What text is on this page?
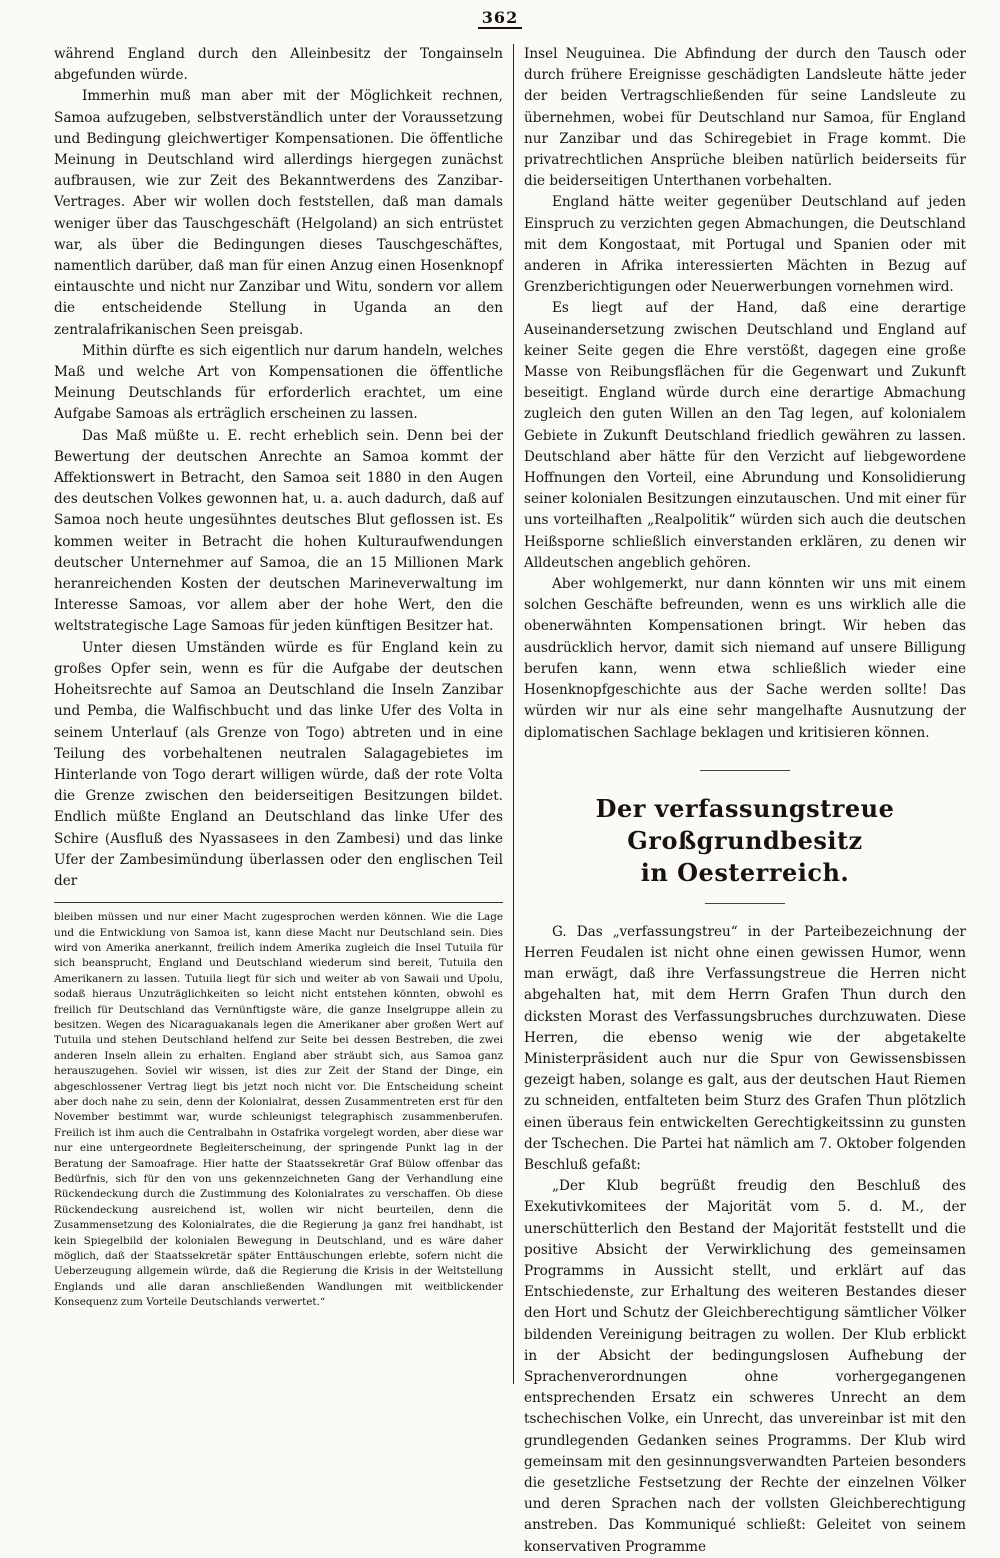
362

während England durch den Alleinbesitz der Tongainseln abgefunden würde.

Immerhin muß man aber mit der Möglichkeit rechnen, Samoa aufzugeben, selbstverständlich unter der Voraussetzung und Bedingung gleichwertiger Kompensationen. Die öffentliche Meinung in Deutschland wird allerdings hiergegen zunächst aufbrausen, wie zur Zeit des Bekanntwerdens des Zanzibar-Vertrages. Aber wir wollen doch feststellen, daß man damals weniger über das Tauschgeschäft (Helgoland) an sich entrüstet war, als über die Bedingungen dieses Tauschgeschäftes, namentlich darüber, daß man für einen Anzug einen Hosenknopf eintauschte und nicht nur Zanzibar und Witu, sondern vor allem die entscheidende Stellung in Uganda an den zentralafrikanischen Seen preisgab.

Mithin dürfte es sich eigentlich nur darum handeln, welches Maß und welche Art von Kompensationen die öffentliche Meinung Deutschlands für erforderlich erachtet, um eine Aufgabe Samoas als erträglich erscheinen zu lassen.

Das Maß müßte u. E. recht erheblich sein. Denn bei der Bewertung der deutschen Anrechte an Samoa kommt der Affektionswert in Betracht, den Samoa seit 1880 in den Augen des deutschen Volkes gewonnen hat, u. a. auch dadurch, daß auf Samoa noch heute ungesühntes deutsches Blut geflossen ist. Es kommen weiter in Betracht die hohen Kulturaufwendungen deutscher Unternehmer auf Samoa, die an 15 Millionen Mark heranreichenden Kosten der deutschen Marineverwaltung im Interesse Samoas, vor allem aber der hohe Wert, den die weltstrategische Lage Samoas für jeden künftigen Besitzer hat.

Unter diesen Umständen würde es für England kein zu großes Opfer sein, wenn es für die Aufgabe der deutschen Hoheitsrechte auf Samoa an Deutschland die Inseln Zanzibar und Pemba, die Walfischbucht und das linke Ufer des Volta in seinem Unterlauf (als Grenze von Togo) abtreten und in eine Teilung des vorbehaltenen neutralen Salagagebietes im Hinterlande von Togo derart willigen würde, daß der rote Volta die Grenze zwischen den beiderseitigen Besitzungen bildet. Endlich müßte England an Deutschland das linke Ufer des Schire (Ausfluß des Nyassasees in den Zambesi) und das linke Ufer der Zambesimündung überlassen oder den englischen Teil der

bleiben müssen und nur einer Macht zugesprochen werden können. Wie die Lage und die Entwicklung von Samoa ist, kann diese Macht nur Deutschland sein. Dies wird von Amerika anerkannt, freilich indem Amerika zugleich die Insel Tutuila für sich beansprucht, England und Deutschland wiederum sind bereit, Tutuila den Amerikanern zu lassen. Tutuila liegt für sich und weiter ab von Sawaii und Upolu, sodaß hieraus Unzuträglichkeiten so leicht nicht entstehen könnten, obwohl es freilich für Deutschland das Vernünftigste wäre, die ganze Inselgruppe allein zu besitzen. Wegen des Nicaraguakanals legen die Amerikaner aber großen Wert auf Tutuila und stehen Deutschland helfend zur Seite bei dessen Bestreben, die zwei anderen Inseln allein zu erhalten. England aber sträubt sich, aus Samoa ganz herauszugehen. Soviel wir wissen, ist dies zur Zeit der Stand der Dinge, ein abgeschlossener Vertrag liegt bis jetzt noch nicht vor. Die Entscheidung scheint aber doch nahe zu sein, denn der Kolonialrat, dessen Zusammentreten erst für den November bestimmt war, wurde schleunigst telegraphisch zusammenberufen. Freilich ist ihm auch die Centralbahn in Ostafrika vorgelegt worden, aber diese war nur eine untergeordnete Begleiterscheinung, der springende Punkt lag in der Beratung der Samoafrage. Hier hatte der Staatssekretär Graf Bülow offenbar das Bedürfnis, sich für den von uns gekennzeichneten Gang der Verhandlung eine Rückendeckung durch die Zustimmung des Kolonialrates zu verschaffen. Ob diese Rückendeckung ausreichend ist, wollen wir nicht beurteilen, denn die Zusammensetzung des Kolonialrates, die die Regierung ja ganz frei handhabt, ist kein Spiegelbild der kolonialen Bewegung in Deutschland, und es wäre daher möglich, daß der Staatssekretär später Enttäuschungen erlebte, sofern nicht die Ueberzeugung allgemein würde, daß die Regierung die Krisis in der Weltstellung Englands und alle daran anschließenden Wandlungen mit weitblickender Konsequenz zum Vorteile Deutschlands verwertet.“

Insel Neuguinea. Die Abfindung der durch den Tausch oder durch frühere Ereignisse geschädigten Landsleute hätte jeder der beiden Vertragschließenden für seine Landsleute zu übernehmen, wobei für Deutschland nur Samoa, für England nur Zanzibar und das Schiregebiet in Frage kommt. Die privatrechtlichen Ansprüche bleiben natürlich beiderseits für die beiderseitigen Unterthanen vorbehalten.

England hätte weiter gegenüber Deutschland auf jeden Einspruch zu verzichten gegen Abmachungen, die Deutschland mit dem Kongostaat, mit Portugal und Spanien oder mit anderen in Afrika interessierten Mächten in Bezug auf Grenzberichtigungen oder Neuerwerbungen vornehmen wird.

Es liegt auf der Hand, daß eine derartige Auseinandersetzung zwischen Deutschland und England auf keiner Seite gegen die Ehre verstößt, dagegen eine große Masse von Reibungsflächen für die Gegenwart und Zukunft beseitigt. England würde durch eine derartige Abmachung zugleich den guten Willen an den Tag legen, auf kolonialem Gebiete in Zukunft Deutschland friedlich gewähren zu lassen. Deutschland aber hätte für den Verzicht auf liebgewordene Hoffnungen den Vorteil, eine Abrundung und Konsolidierung seiner kolonialen Besitzungen einzutauschen. Und mit einer für uns vorteilhaften „Realpolitik“ würden sich auch die deutschen Heißsporne schließlich einverstanden erklären, zu denen wir Alldeutschen angeblich gehören.

Aber wohlgemerkt, nur dann könnten wir uns mit einem solchen Geschäfte befreunden, wenn es uns wirklich alle die obenerwähnten Kompensationen bringt. Wir heben das ausdrücklich hervor, damit sich niemand auf unsere Billigung berufen kann, wenn etwa schließlich wieder eine Hosenknopfgeschichte aus der Sache werden sollte! Das würden wir nur als eine sehr mangelhafte Ausnutzung der diplomatischen Sachlage beklagen und kritisieren können.

Der verfassungstreue Großgrundbesitz
in Oesterreich.

G. Das „verfassungstreu“ in der Parteibezeichnung der Herren Feudalen ist nicht ohne einen gewissen Humor, wenn man erwägt, daß ihre Verfassungstreue die Herren nicht abgehalten hat, mit dem Herrn Grafen Thun durch den dicksten Morast des Verfassungsbruches durchzuwaten. Diese Herren, die ebenso wenig wie der abgetakelte Ministerpräsident auch nur die Spur von Gewissensbissen gezeigt haben, solange es galt, aus der deutschen Haut Riemen zu schneiden, entfalteten beim Sturz des Grafen Thun plötzlich einen überaus fein entwickelten Gerechtigkeitssinn zu gunsten der Tschechen. Die Partei hat nämlich am 7. Oktober folgenden Beschluß gefaßt:

„Der Klub begrüßt freudig den Beschluß des Exekutivkomitees der Majorität vom 5. d. M., der unerschütterlich den Bestand der Majorität feststellt und die positive Absicht der Verwirklichung des gemeinsamen Programms in Aussicht stellt, und erklärt auf das Entschiedenste, zur Erhaltung des weiteren Bestandes dieser den Hort und Schutz der Gleichberechtigung sämtlicher Völker bildenden Vereinigung beitragen zu wollen. Der Klub erblickt in der Absicht der bedingungslosen Aufhebung der Sprachenverordnungen ohne vorhergegangenen entsprechenden Ersatz ein schweres Unrecht an dem tschechischen Volke, ein Unrecht, das unvereinbar ist mit den grundlegenden Gedanken seines Programms. Der Klub wird gemeinsam mit den gesinnungsverwandten Parteien besonders die gesetzliche Festsetzung der Rechte der einzelnen Völker und deren Sprachen nach der vollsten Gleichberechtigung anstreben. Das Kommuniqué schließt: Geleitet von seinem konservativen Programme
